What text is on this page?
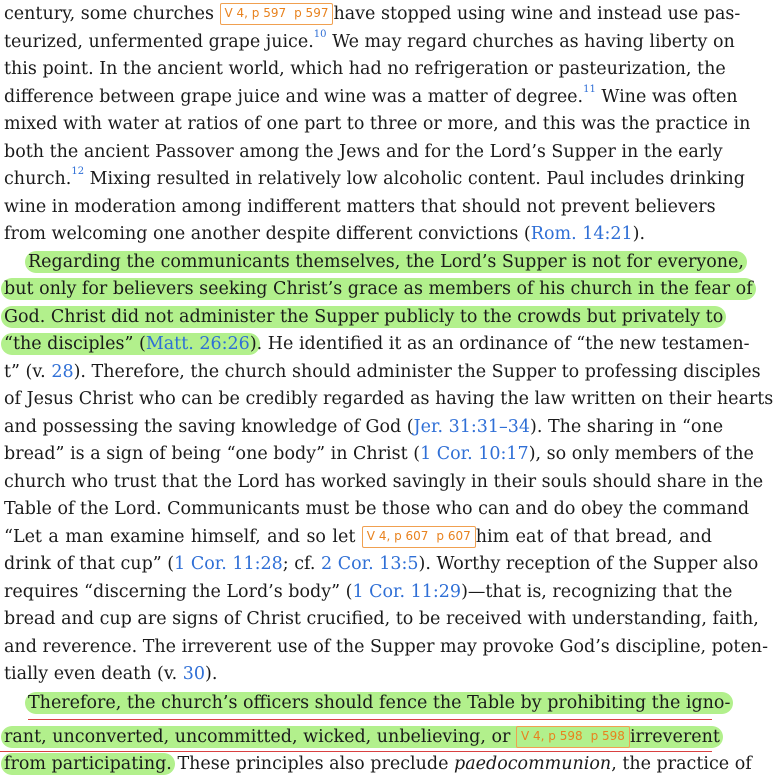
century, some churches V 4, p 597 p 597 have stopped using wine and instead use pas-
teurized, unfermented grape juice.$^{10}$ We may regard churches as having liberty on
this point. In the ancient world, which had no refrigeration or pasteurization, the
difference between grape juice and wine was a matter of degree.$^{11}$ Wine was often
mixed with water at ratios of one part to three or more, and this was the practice in
both the ancient Passover among the Jews and for the Lord’s Supper in the early
church.$^{12}$ Mixing resulted in relatively low alcoholic content. Paul includes drinking
wine in moderation among indifferent matters that should not prevent believers
from welcoming one another despite different convictions (Rom. 14:21).
Regarding the communicants themselves, the Lord’s Supper is not for everyone,
but only for believers seeking Christ’s grace as members of his church in the fear of
God. Christ did not administer the Supper publicly to the crowds but privately to
“the disciples” (Matt. 26:26). He identified it as an ordinance of “the new testamen-
t” (v. 28). Therefore, the church should administer the Supper to professing disciples
of Jesus Christ who can be credibly regarded as having the law written on their hearts
and possessing the saving knowledge of God (Jer. 31:31–34). The sharing in “one
bread” is a sign of being “one body” in Christ (1 Cor. 10:17), so only members of the
church who trust that the Lord has worked savingly in their souls should share in the
Table of the Lord. Communicants must be those who can and do obey the command
“Let a man examine himself, and so let V 4, p 607 p 607 him eat of that bread, and
drink of that cup” (1 Cor. 11:28; cf. 2 Cor. 13:5). Worthy reception of the Supper also
requires “discerning the Lord’s body” (1 Cor. 11:29)—that is, recognizing that the
bread and cup are signs of Christ crucified, to be received with understanding, faith,
and reverence. The irreverent use of the Supper may provoke God’s discipline, poten-
tially even death (v. 30).
Therefore, the church’s officers should fence the Table by prohibiting the igno-
rant, unconverted, uncommitted, wicked, unbelieving, or V 4, p 598 p 598 irreverent
from participating. These principles also preclude paedocommunion, the practice of
